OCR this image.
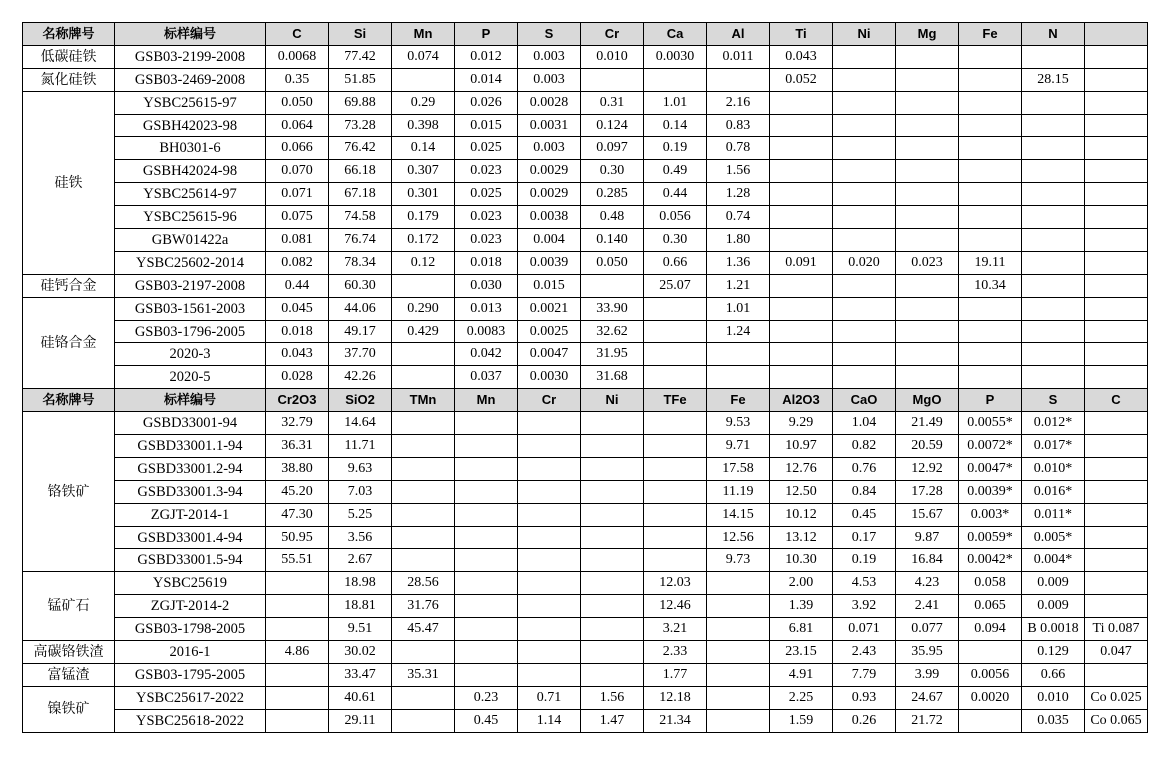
名称牌号	标样编号	C	Si	Mn	P	S	Cr	Ca	Al	Ti	Ni	Mg	Fe	N	
低碳硅铁	GSB03-2199-2008	0.0068	77.42	0.074	0.012	0.003	0.010	0.0030	0.011	0.043					
氮化硅铁	GSB03-2469-2008	0.35	51.85		0.014	0.003				0.052				28.15	
硅铁	YSBC25615-97	0.050	69.88	0.29	0.026	0.0028	0.31	1.01	2.16						
	GSBH42023-98	0.064	73.28	0.398	0.015	0.0031	0.124	0.14	0.83						
	BH0301-6	0.066	76.42	0.14	0.025	0.003	0.097	0.19	0.78						
	GSBH42024-98	0.070	66.18	0.307	0.023	0.0029	0.30	0.49	1.56						
	YSBC25614-97	0.071	67.18	0.301	0.025	0.0029	0.285	0.44	1.28						
	YSBC25615-96	0.075	74.58	0.179	0.023	0.0038	0.48	0.056	0.74						
	GBW01422a	0.081	76.74	0.172	0.023	0.004	0.140	0.30	1.80						
	YSBC25602-2014	0.082	78.34	0.12	0.018	0.0039	0.050	0.66	1.36	0.091	0.020	0.023	19.11		
硅钙合金	GSB03-2197-2008	0.44	60.30		0.030	0.015		25.07	1.21				10.34		
硅铬合金	GSB03-1561-2003	0.045	44.06	0.290	0.013	0.0021	33.90		1.01						
	GSB03-1796-2005	0.018	49.17	0.429	0.0083	0.0025	32.62		1.24						
	2020-3	0.043	37.70		0.042	0.0047	31.95								
	2020-5	0.028	42.26		0.037	0.0030	31.68								
名称牌号	标样编号	Cr2O3	SiO2	TMn	Mn	Cr	Ni	TFe	Fe	Al2O3	CaO	MgO	P	S	C
铬铁矿	GSBD33001-94	32.79	14.64						9.53	9.29	1.04	21.49	0.0055*	0.012*	
	GSBD33001.1-94	36.31	11.71						9.71	10.97	0.82	20.59	0.0072*	0.017*	
	GSBD33001.2-94	38.80	9.63						17.58	12.76	0.76	12.92	0.0047*	0.010*	
	GSBD33001.3-94	45.20	7.03						11.19	12.50	0.84	17.28	0.0039*	0.016*	
	ZGJT-2014-1	47.30	5.25						14.15	10.12	0.45	15.67	0.003*	0.011*	
	GSBD33001.4-94	50.95	3.56						12.56	13.12	0.17	9.87	0.0059*	0.005*	
	GSBD33001.5-94	55.51	2.67						9.73	10.30	0.19	16.84	0.0042*	0.004*	
锰矿石	YSBC25619		18.98	28.56				12.03		2.00	4.53	4.23	0.058	0.009	
	ZGJT-2014-2		18.81	31.76				12.46		1.39	3.92	2.41	0.065	0.009	
	GSB03-1798-2005		9.51	45.47				3.21		6.81	0.071	0.077	0.094	B 0.0018	Ti 0.087
高碳铬铁渣	2016-1	4.86	30.02					2.33		23.15	2.43	35.95		0.129	0.047
富锰渣	GSB03-1795-2005		33.47	35.31				1.77		4.91	7.79	3.99	0.0056	0.66	
镍铁矿	YSBC25617-2022		40.61		0.23	0.71	1.56	12.18		2.25	0.93	24.67	0.0020	0.010	Co 0.025
	YSBC25618-2022		29.11		0.45	1.14	1.47	21.34		1.59	0.26	21.72		0.035	Co 0.065
